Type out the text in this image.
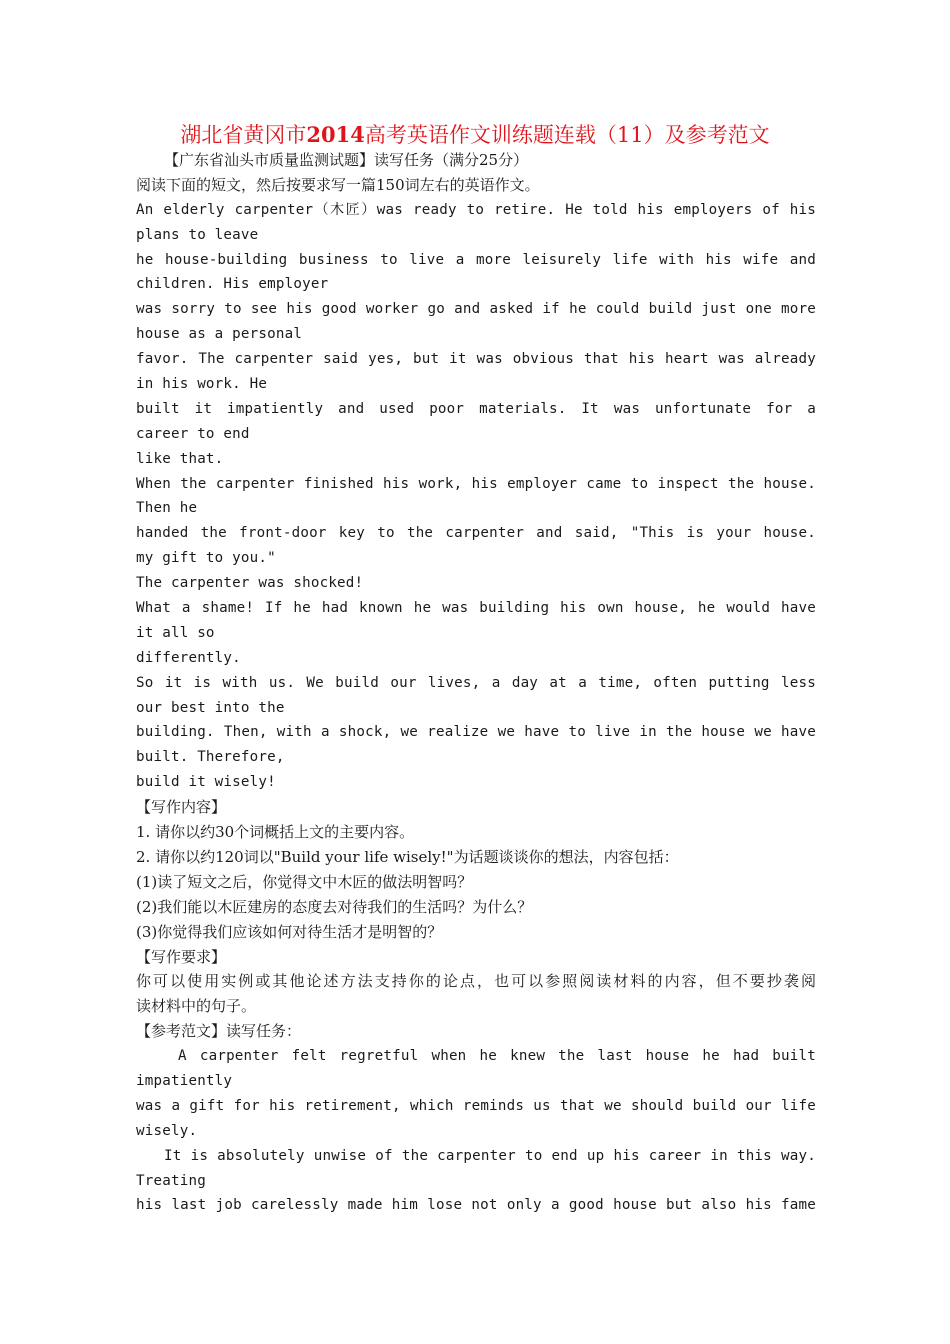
湖北省黄冈市2014高考英语作文训练题连载（11）及参考范文
【广东省汕头市质量监测试题】读写任务（满分25分）
阅读下面的短文，然后按要求写一篇150词左右的英语作文。
An elderly carpenter（木匠）was ready to retire. He told his employers of his
plans to leave
he house-building business to live a more leisurely life with his wife and
children. His employer
was sorry to see his good worker go and asked if he could build just one more
house as a personal
favor. The carpenter said yes, but it was obvious that his heart was already
in his work. He
built it impatiently and used poor materials. It was unfortunate for a
career to end
like that.
When the carpenter finished his work, his employer came to inspect the house.
Then he
handed the front-door key to the carpenter and said, "This is your house.
my gift to you."
The carpenter was shocked!
What a shame! If he had known he was building his own house, he would have
it all so
differently.
So it is with us. We build our lives, a day at a time, often putting less
our best into the
building. Then, with a shock, we realize we have to live in the house we have
built. Therefore,
build it wisely!
【写作内容】
1. 请你以约30个词概括上文的主要内容。
2. 请你以约120词以"Build your life wisely!"为话题谈谈你的想法，内容包括：
(1)读了短文之后，你觉得文中木匠的做法明智吗？
(2)我们能以木匠建房的态度去对待我们的生活吗？为什么？
(3)你觉得我们应该如何对待生活才是明智的？
【写作要求】
你可以使用实例或其他论述方法支持你的论点，也可以参照阅读材料的内容，但不要抄袭阅
读材料中的句子。
【参考范文】读写任务：
A carpenter felt regretful when he knew the last house he had built
impatiently
was a gift for his retirement, which reminds us that we should build our life
wisely.
It is absolutely unwise of the carpenter to end up his career in this way.
Treating
his last job carelessly made him lose not only a good house but also his fame
